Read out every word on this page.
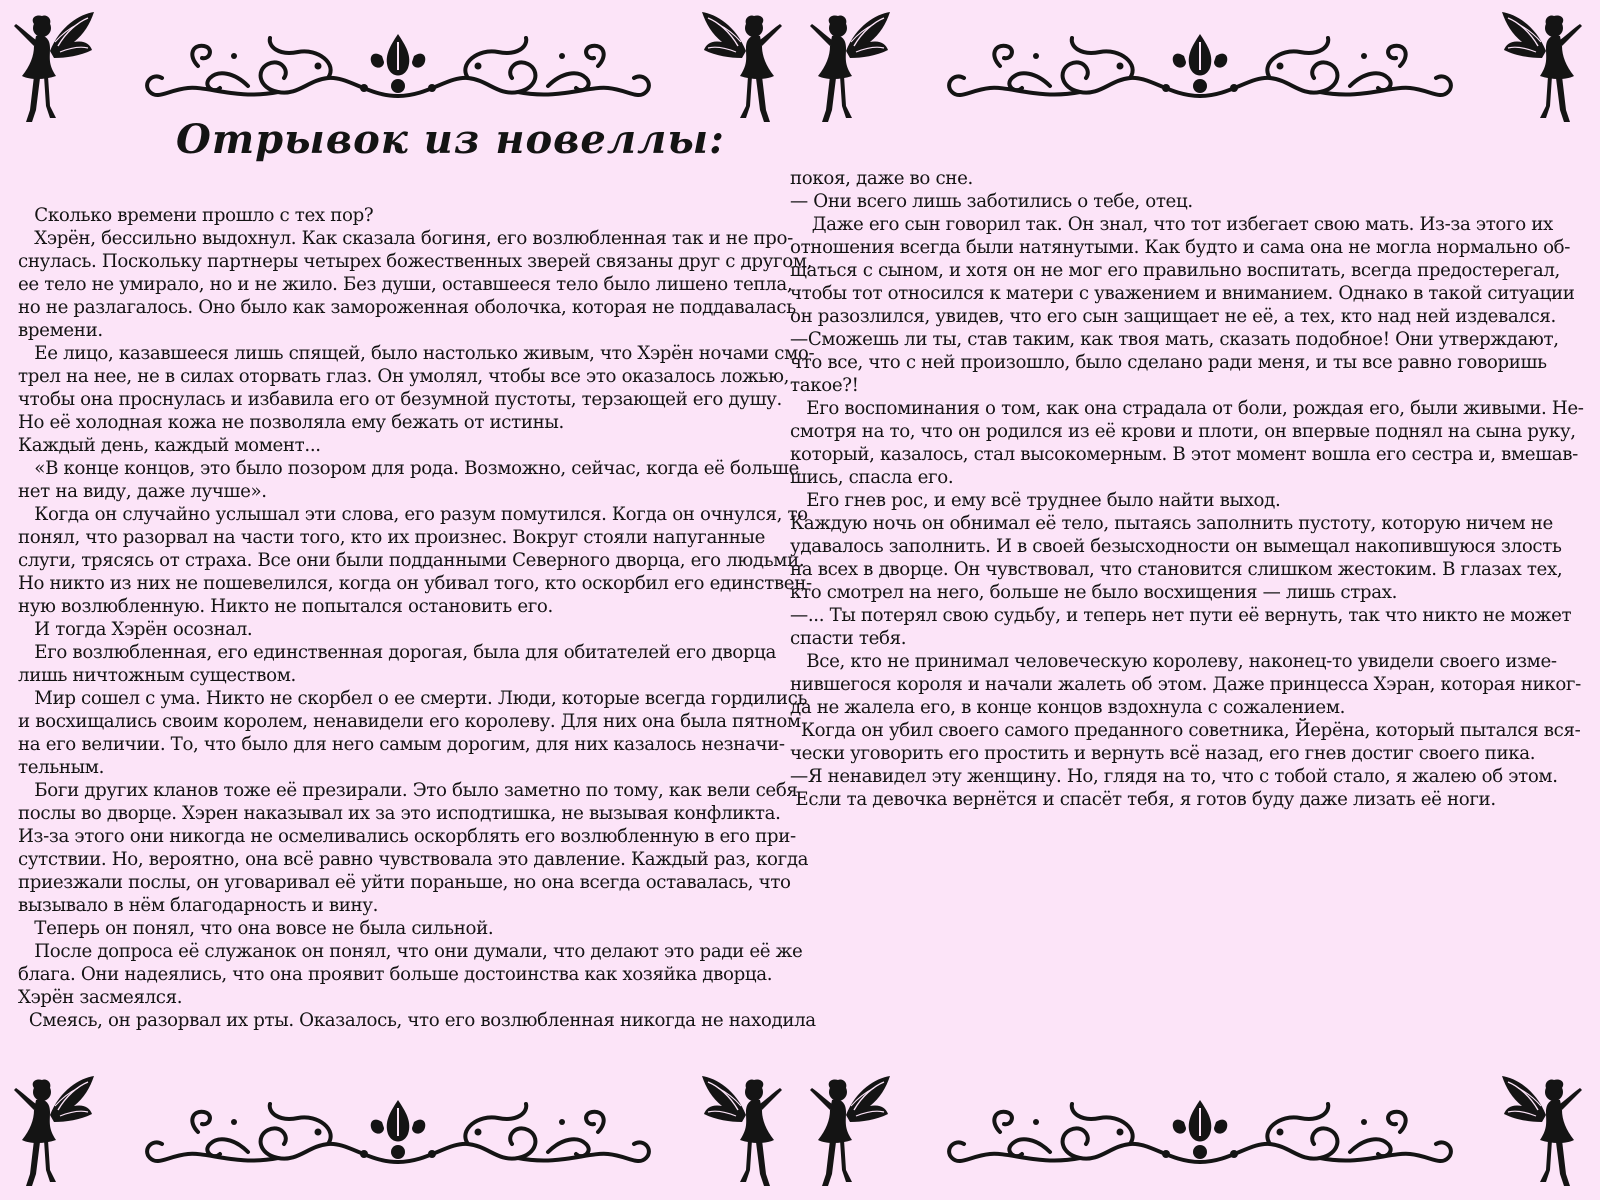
Отрывок из новеллы:
Сколько времени прошло с тех пор?
Хэрён, бессильно выдохнул. Как сказала богиня, его возлюбленная так и не про-
снулась. Поскольку партнеры четырех божественных зверей связаны друг с другом,
ее тело не умирало, но и не жило. Без души, оставшееся тело было лишено тепла,
но не разлагалось. Оно было как замороженная оболочка, которая не поддавалась
времени.
Ее лицо, казавшееся лишь спящей, было настолько живым, что Хэрён ночами смо-
трел на нее, не в силах оторвать глаз. Он умолял, чтобы все это оказалось ложью,
чтобы она проснулась и избавила его от безумной пустоты, терзающей его душу.
Но её холодная кожа не позволяла ему бежать от истины.
Каждый день, каждый момент...
«В конце концов, это было позором для рода. Возможно, сейчас, когда её больше
нет на виду, даже лучше».
Когда он случайно услышал эти слова, его разум помутился. Когда он очнулся, то
понял, что разорвал на части того, кто их произнес. Вокруг стояли напуганные
слуги, трясясь от страха. Все они были подданными Северного дворца, его людьми.
Но никто из них не пошевелился, когда он убивал того, кто оскорбил его единствен-
ную возлюбленную. Никто не попытался остановить его.
И тогда Хэрён осознал.
Его возлюбленная, его единственная дорогая, была для обитателей его дворца
лишь ничтожным существом.
Мир сошел с ума. Никто не скорбел о ее смерти. Люди, которые всегда гордились
и восхищались своим королем, ненавидели его королеву. Для них она была пятном
на его величии. То, что было для него самым дорогим, для них казалось незначи-
тельным.
Боги других кланов тоже её презирали. Это было заметно по тому, как вели себя
послы во дворце. Хэрен наказывал их за это исподтишка, не вызывая конфликта.
Из-за этого они никогда не осмеливались оскорблять его возлюбленную в его при-
сутствии. Но, вероятно, она всё равно чувствовала это давление. Каждый раз, когда
приезжали послы, он уговаривал её уйти пораньше, но она всегда оставалась, что
вызывало в нём благодарность и вину.
Теперь он понял, что она вовсе не была сильной.
После допроса её служанок он понял, что они думали, что делают это ради её же
блага. Они надеялись, что она проявит больше достоинства как хозяйка дворца.
Хэрён засмеялся.
Смеясь, он разорвал их рты. Оказалось, что его возлюбленная никогда не находила
покоя, даже во сне.
— Они всего лишь заботились о тебе, отец.
Даже его сын говорил так. Он знал, что тот избегает свою мать. Из-за этого их
отношения всегда были натянутыми. Как будто и сама она не могла нормально об-
щаться с сыном, и хотя он не мог его правильно воспитать, всегда предостерегал,
чтобы тот относился к матери с уважением и вниманием. Однако в такой ситуации
он разозлился, увидев, что его сын защищает не её, а тех, кто над ней издевался.
—Сможешь ли ты, став таким, как твоя мать, сказать подобное! Они утверждают,
что все, что с ней произошло, было сделано ради меня, и ты все равно говоришь
такое?!
Его воспоминания о том, как она страдала от боли, рождая его, были живыми. Не-
смотря на то, что он родился из её крови и плоти, он впервые поднял на сына руку,
который, казалось, стал высокомерным. В этот момент вошла его сестра и, вмешав-
шись, спасла его.
Его гнев рос, и ему всё труднее было найти выход.
Каждую ночь он обнимал её тело, пытаясь заполнить пустоту, которую ничем не
удавалось заполнить. И в своей безысходности он вымещал накопившуюся злость
на всех в дворце. Он чувствовал, что становится слишком жестоким. В глазах тех,
кто смотрел на него, больше не было восхищения — лишь страх.
—... Ты потерял свою судьбу, и теперь нет пути её вернуть, так что никто не может
спасти тебя.
Все, кто не принимал человеческую королеву, наконец-то увидели своего изме-
нившегося короля и начали жалеть об этом. Даже принцесса Хэран, которая никог-
да не жалела его, в конце концов вздохнула с сожалением.
Когда он убил своего самого преданного советника, Йерёна, который пытался вся-
чески уговорить его простить и вернуть всё назад, его гнев достиг своего пика.
—Я ненавидел эту женщину. Но, глядя на то, что с тобой стало, я жалею об этом.
Если та девочка вернётся и спасёт тебя, я готов буду даже лизать её ноги.
